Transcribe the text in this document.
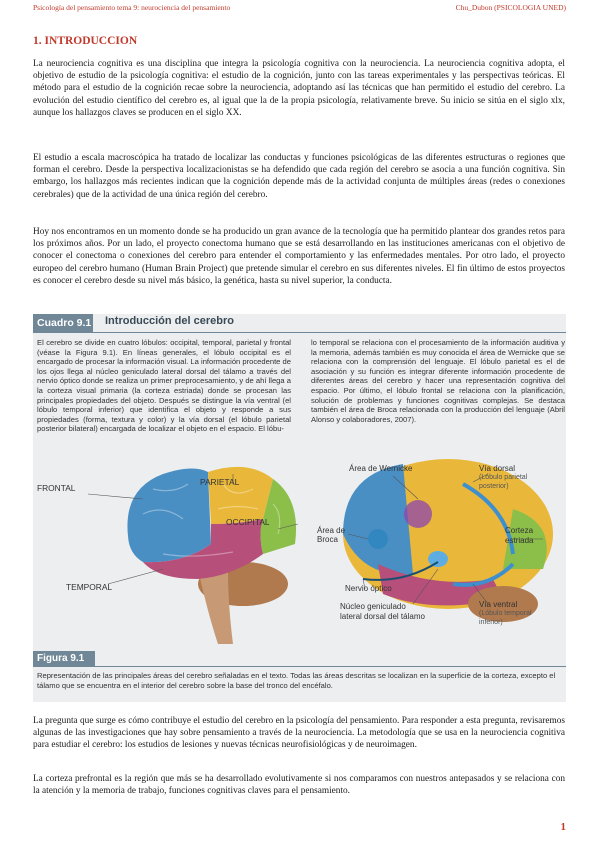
Psicología del pensamiento tema 9: neurociencia del pensamiento	Chu_Dubon (PSICOLOGIA UNED)
1. INTRODUCCION

La neurociencia cognitiva es una disciplina que integra la psicología cognitiva con la neurociencia. La neurociencia cognitiva adopta, el objetivo de estudio de la psicología cognitiva: el estudio de la cognición, junto con las tareas experimentales y las perspectivas teóricas. El método para el estudio de la cognición recae sobre la neurociencia, adoptando así las técnicas que han permitido el estudio del cerebro. La evolución del estudio científico del cerebro es, al igual que la de la propia psicología, relativamente breve. Su inicio se sitúa en el siglo xlx, aunque los hallazgos claves se producen en el siglo XX.

El estudio a escala macroscópica ha tratado de localizar las conductas y funciones psicológicas de las diferentes estructuras o regiones que forman el cerebro. Desde la perspectiva localizacionistas se ha defendido que cada región del cerebro se asocia a una función cognitiva. Sin embargo, los hallazgos más recientes indican que la cognición depende más de la actividad conjunta de múltiples áreas (redes o conexiones cerebrales) que de la actividad de una única región del cerebro.

Hoy nos encontramos en un momento donde se ha producido un gran avance de la tecnología que ha permitido plantear dos grandes retos para los próximos años. Por un lado, el proyecto conectoma humano que se está desarrollando en las instituciones americanas con el objetivo de conocer el conectoma o conexiones del cerebro para entender el comportamiento y las enfermedades mentales. Por otro lado, el proyecto europeo del cerebro humano (Human Brain Project) que pretende simular el cerebro en sus diferentes niveles. El fin último de estos proyectos es conocer el cerebro desde su nivel más básico, la genética, hasta su nivel superior, la conducta.

Cuadro 9.1 Introducción del cerebro
El cerebro se divide en cuatro lóbulos: occipital, temporal, parietal y frontal (véase la Figura 9.1). En líneas generales, el lóbulo occipital es el encargado de procesar la información visual. La información procedente de los ojos llega al núcleo geniculado lateral dorsal del tálamo a través del nervio óptico donde se realiza un primer preprocesamiento, y de ahí llega a la corteza visual primaria (la corteza estriada) donde se procesan las principales propiedades del objeto. Después se distingue la vía ventral (el lóbulo temporal inferior) que identifica el objeto y responde a sus propiedades (forma, textura y color) y la vía dorsal (el lóbulo parietal posterior bilateral) encargada de localizar el objeto en el espacio. El lóbu-
lo temporal se relaciona con el procesamiento de la información auditiva y la memoria, además también es muy conocida el área de Wernicke que se relaciona con la comprensión del lenguaje. El lóbulo parietal es el de asociación y su función es integrar diferente información procedente de diferentes áreas del cerebro y hacer una representación cognitiva del espacio. Por último, el lóbulo frontal se relaciona con la planificación, solución de problemas y funciones cognitivas complejas. Se destaca también el área de Broca relacionada con la producción del lenguaje (Abril Alonso y colaboradores, 2007).
FRONTAL
PARIETAL
OCCIPITAL
TEMPORAL
Área de Wernicke
Área de
Broca
Nervio óptico
Núcleo geniculado
lateral dorsal del tálamo
Vía dorsal
(Lóbulo parietal
posterior)
Corteza
estriada
Vía ventral
(Lóbulo temporal
inferior)
Figura 9.1
Representación de las principales áreas del cerebro señaladas en el texto. Todas las áreas descritas se localizan en la superficie de la corteza, excepto el tálamo que se encuentra en el interior del cerebro sobre la base del tronco del encéfalo.

La pregunta que surge es cómo contribuye el estudio del cerebro en la psicología del pensamiento. Para responder a esta pregunta, revisaremos algunas de las investigaciones que hay sobre pensamiento a través de la neurociencia. La metodología que se usa en la neurociencia cognitiva para estudiar el cerebro: los estudios de lesiones y nuevas técnicas neurofisiológicas y de neuroimagen.

La corteza prefrontal es la región que más se ha desarrollado evolutivamente si nos comparamos con nuestros antepasados y se relaciona con la atención y la memoria de trabajo, funciones cognitivas claves para el pensamiento.

1
